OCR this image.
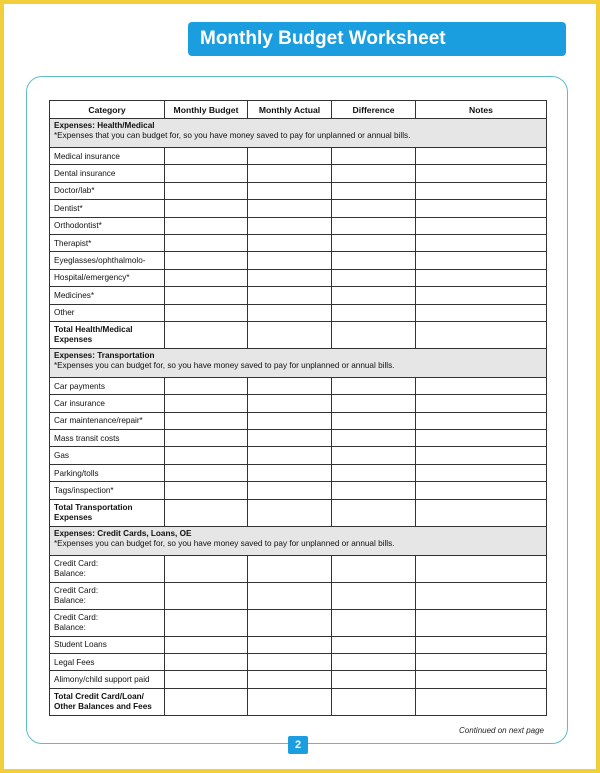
Monthly Budget Worksheet
Category	Monthly Budget	Monthly Actual	Difference	Notes

Expenses: Health/Medical
*Expenses that you can budget for, so you have money saved to pay for unplanned or annual bills.				

Medical insurance				
Dental insurance				
Doctor/lab*				
Dentist*				
Orthodontist*				
Therapist*				
Eyeglasses/ophthalmolo-				
Hospital/emergency*				
Medicines*				
Other				
Total Health/Medical Expenses				

Expenses: Transportation
*Expenses you can budget for, so you have money saved to pay for unplanned or annual bills.				

Car payments				
Car insurance				
Car maintenance/repair*				
Mass transit costs				
Gas				
Parking/tolls				
Tags/inspection*				
Total Transportation Expenses				

Expenses: Credit Cards, Loans, OE
*Expenses you can budget for, so you have money saved to pay for unplanned or annual bills.				

Credit Card:
Balance:				
Credit Card:
Balance:				
Credit Card:
Balance:				
Student Loans				
Legal Fees				
Alimony/child support paid				
Total Credit Card/Loan/ Other Balances and Fees				
Continued on next page
2
